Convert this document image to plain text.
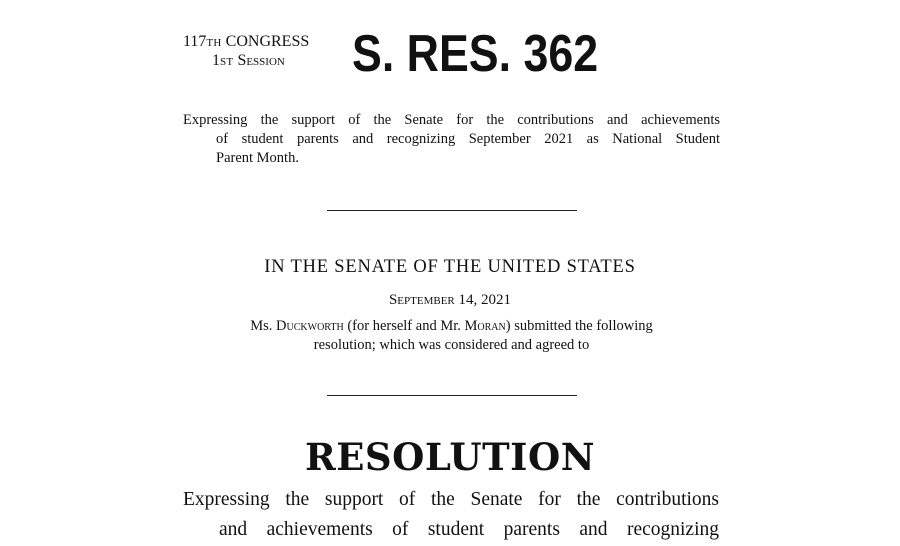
117TH CONGRESS
1ST Session	S. RES. 362
Expressing the support of the Senate for the contributions and achievements
of student parents and recognizing September 2021 as National Student
Parent Month.
IN THE SENATE OF THE UNITED STATES
September 14, 2021
Ms. Duckworth (for herself and Mr. Moran) submitted the following
resolution; which was considered and agreed to
RESOLUTION
Expressing the support of the Senate for the contributions
and achievements of student parents and recognizing
